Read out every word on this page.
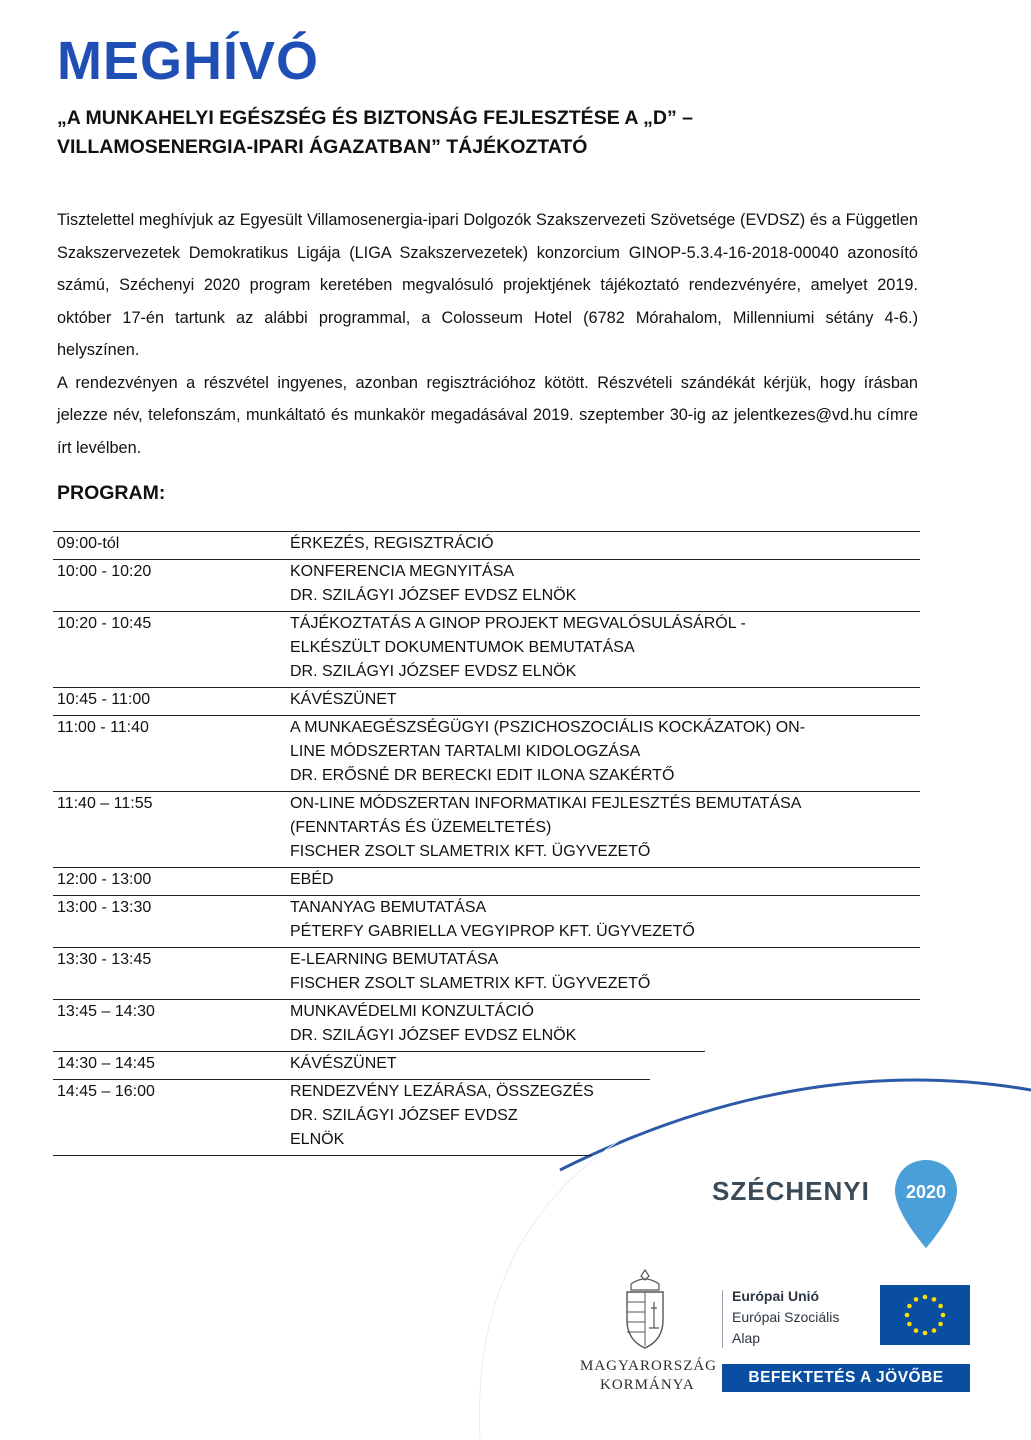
MEGHÍVÓ
„A MUNKAHELYI EGÉSZSÉG ÉS BIZTONSÁG FEJLESZTÉSE A „D” –
VILLAMOSENERGIA-IPARI ÁGAZATBAN” TÁJÉKOZTATÓ

Tisztelettel meghívjuk az Egyesült Villamosenergia-ipari Dolgozók Szakszervezeti Szövetsége (EVDSZ) és a Független Szakszervezetek Demokratikus Ligája (LIGA Szakszervezetek) konzorcium GINOP-5.3.4-16-2018-00040 azonosító számú, Széchenyi 2020 program keretében megvalósuló projektjének tájékoztató rendezvényére, amelyet 2019. október 17-én tartunk az alábbi programmal, a Colosseum Hotel (6782 Mórahalom, Millenniumi sétány 4-6.) helyszínen.

A rendezvényen a részvétel ingyenes, azonban regisztrációhoz kötött. Részvételi szándékát kérjük, hogy írásban jelezze név, telefonszám, munkáltató és munkakör megadásával 2019. szeptember 30-ig az jelentkezes@vd.hu címre írt levélben.

PROGRAM:
09:00-tól	ÉRKEZÉS, REGISZTRÁCIÓ
10:00 - 10:20	KONFERENCIA MEGNYITÁSA
DR. SZILÁGYI JÓZSEF EVDSZ ELNÖK
10:20 - 10:45	TÁJÉKOZTATÁS A GINOP PROJEKT MEGVALÓSULÁSÁRÓL -
ELKÉSZÜLT DOKUMENTUMOK BEMUTATÁSA
DR. SZILÁGYI JÓZSEF EVDSZ ELNÖK
10:45 - 11:00	KÁVÉSZÜNET
11:00 - 11:40	A MUNKAEGÉSZSÉGÜGYI (PSZICHOSZOCIÁLIS KOCKÁZATOK) ON-
LINE MÓDSZERTAN TARTALMI KIDOLOGZÁSA
DR. ERŐSNÉ DR BERECKI EDIT ILONA SZAKÉRTŐ
11:40 – 11:55	ON-LINE MÓDSZERTAN INFORMATIKAI FEJLESZTÉS BEMUTATÁSA
(FENNTARTÁS ÉS ÜZEMELTETÉS)
FISCHER ZSOLT SLAMETRIX KFT. ÜGYVEZETŐ
12:00 - 13:00	EBÉD
13:00 - 13:30	TANANYAG BEMUTATÁSA
PÉTERFY GABRIELLA VEGYIPROP KFT. ÜGYVEZETŐ
13:30 - 13:45	E-LEARNING BEMUTATÁSA
FISCHER ZSOLT SLAMETRIX KFT. ÜGYVEZETŐ
13:45 – 14:30	MUNKAVÉDELMI KONZULTÁCIÓ
DR. SZILÁGYI JÓZSEF EVDSZ ELNÖK
14:30 – 14:45	KÁVÉSZÜNET
14:45 – 16:00	RENDEZVÉNY LEZÁRÁSA, ÖSSZEGZÉS
DR. SZILÁGYI JÓZSEF EVDSZ
ELNÖK
SZÉCHENYI 2020
MAGYARORSZÁG
KORMÁNYA
Európai Unió
Európai Szociális
Alap
BEFEKTETÉS A JÖVŐBE
